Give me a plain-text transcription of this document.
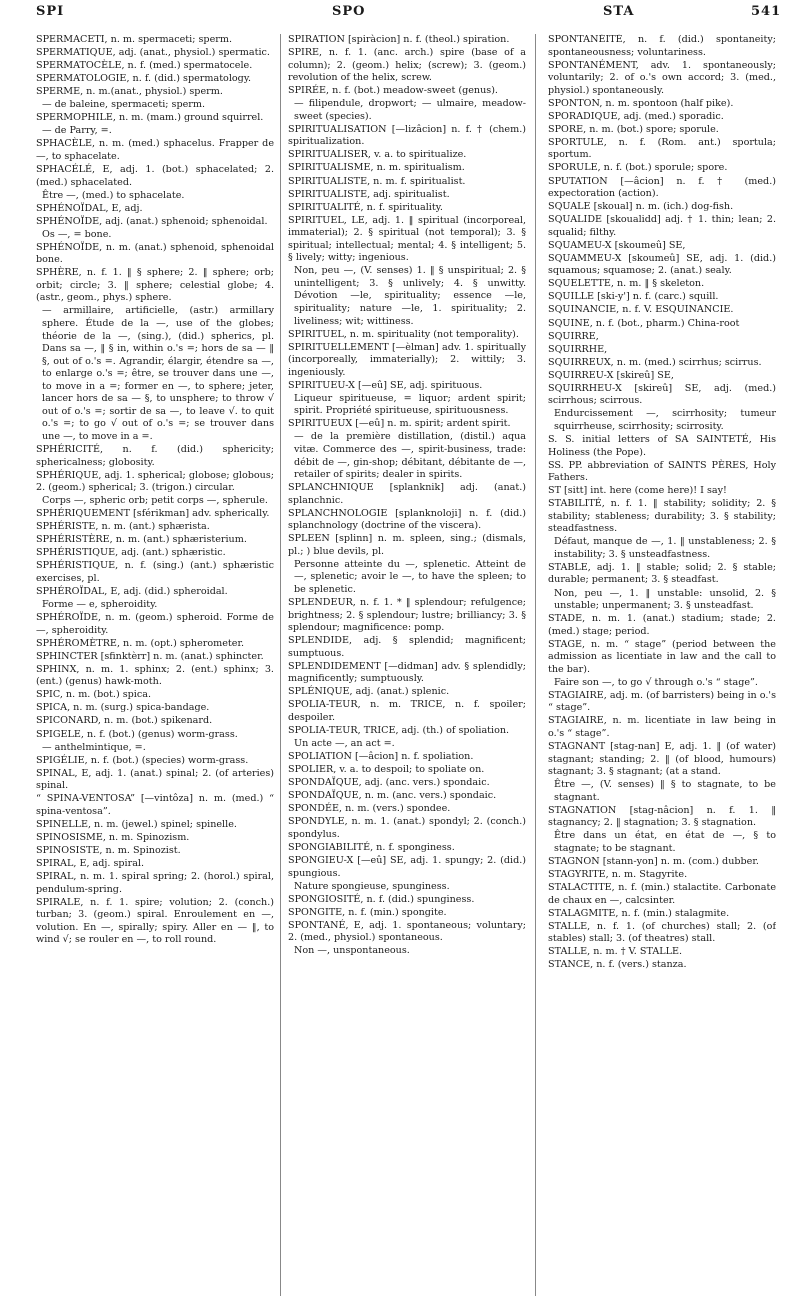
SPI	SPO	STA	541

SPERMACETI, n. m. spermaceti; sperm.

SPERMATIQUE, adj. (anat., physiol.) spermatic.

SPERMATOCÈLE, n. f. (med.) spermatocele.

SPERMATOLOGIE, n. f. (did.) spermatology.

SPERME, n. m.(anat., physiol.) sperm.

— de baleine, spermaceti; sperm.

SPERMOPHILE, n. m. (mam.) ground squirrel.

— de Parry, =.

SPHACÈLE, n. m. (med.) sphacelus. Frapper de —, to sphacelate.

SPHACÉLÉ, E, adj. 1. (bot.) sphacelated; 2. (med.) sphacelated.

Être —, (med.) to sphacelate.

SPHÉNOÏDAL, E, adj.

SPHÉNOÏDE, adj. (anat.) sphenoid; sphenoidal.

Os —, = bone.

SPHÉNOÏDE, n. m. (anat.) sphenoid, sphenoidal bone.

SPHÈRE, n. f. 1. ‖ § sphere; 2. ‖ sphere; orb; orbit; circle; 3. ‖ sphere; celestial globe; 4. (astr., geom., phys.) sphere.

— armillaire, artificielle, (astr.) armillary sphere. Étude de la —, use of the globes; théorie de la —, (sing.), (did.) spherics, pl. Dans sa —, ‖ § in, within o.'s =; hors de sa — ‖ §, out of o.'s =. Agrandir, élargir, étendre sa —, to enlarge o.'s =; être, se trouver dans une —, to move in a =; former en —, to sphere; jeter, lancer hors de sa — §, to unsphere; to throw √ out of o.'s =; sortir de sa —, to leave √. to quit o.'s =; to go √ out of o.'s =; se trouver dans une —, to move in a =.

SPHÉRICITÉ, n. f. (did.) sphericity; sphericalness; globosity.

SPHÉRIQUE, adj. 1. spherical; globose; globous; 2. (geom.) spherical; 3. (trigon.) circular.

Corps —, spheric orb; petit corps —, spherule.

SPHÉRIQUEMENT [sférikman] adv. spherically.

SPHÉRISTE, n. m. (ant.) sphæristа.

SPHÉRISTÈRE, n. m. (ant.) sphæristerium.

SPHÉRISTIQUE, adj. (ant.) sphæristic.

SPHÉRISTIQUE, n. f. (sing.) (ant.) sphæristic exercises, pl.

SPHÉROÏDAL, E, adj. (did.) spheroidal.

Forme — e, spheroidity.

SPHÉROÏDE, n. m. (geom.) spheroid. Forme de —, spheroidity.

SPHÉROMÈTRE, n. m. (opt.) spherometer.

SPHINCTER [sfinktèrr] n. m. (anat.) sphincter.

SPHINX, n. m. 1. sphinx; 2. (ent.) sphinx; 3. (ent.) (genus) hawk-moth.

SPIC, n. m. (bot.) spica.

SPICA, n. m. (surg.) spica-bandage.

SPICONARD, n. m. (bot.) spikenard.

SPIGELE, n. f. (bot.) (genus) worm-grass.

— anthelmintique, =.

SPIGÉLIE, n. f. (bot.) (species) worm-grass.

SPINAL, E, adj. 1. (anat.) spinal; 2. (of arteries) spinal.

“ SPINA-VENTOSA” [—vintôza] n. m. (med.) “ spina-ventosa”.

SPINELLE, n. m. (jewel.) spinel; spinelle.

SPINOSISME, n. m. Spinozism.

SPINOSISTE, n. m. Spinozist.

SPIRAL, E, adj. spiral.

SPIRAL, n. m. 1. spiral spring; 2. (horol.) spiral, pendulum-spring.

SPIRALE, n. f. 1. spire; volution; 2. (conch.) turban; 3. (geom.) spiral. Enroulement en —, volution. En —, spirally; spiry. Aller en — ‖, to wind √; se rouler en —, to roll round.

SPIRATION [spiràcion] n. f. (theol.) spiration.

SPIRE, n. f. 1. (anc. arch.) spire (base of a column); 2. (geom.) helix; (screw); 3. (geom.) revolution of the helix, screw.

SPIRÉE, n. f. (bot.) meadow-sweet (genus).

— filipendule, dropwort; — ulmaire, meadow-sweet (species).

SPIRITUALISATION [—lizâcion] n. f. † (chem.) spiritualization.

SPIRITUALISER, v. a. to spiritualize.

SPIRITUALISME, n. m. spiritualism.

SPIRITUALISTE, n. m. f. spiritualist.

SPIRITUALISTE, adj. spiritualist.

SPIRITUALITÉ, n. f. spirituality.

SPIRITUEL, LE, adj. 1. ‖ spiritual (incorporeal, immaterial); 2. § spiritual (not temporal); 3. § spiritual; intellectual; mental; 4. § intelligent; 5. § lively; witty; ingenious.

Non, peu —, (V. senses) 1. ‖ § unspiritual; 2. § unintelligent; 3. § unlively; 4. § unwitty. Dévotion —le, spirituality; essence —le, spirituality; nature —le, 1. spirituality; 2. liveliness; wit; wittiness.

SPIRITUEL, n. m. spirituality (not temporality).

SPIRITUELLEMENT [—èlman] adv. 1. spiritually (incorporeally, immaterially); 2. wittily; 3. ingeniously.

SPIRITUEU-X [—eû] SE, adj. spirituous.

Liqueur spiritueuse, = liquor; ardent spirit; spirit. Propriété spiritueuse, spirituousness.

SPIRITUEUX [—eû] n. m. spirit; ardent spirit.

— de la première distillation, (distil.) aqua vitæ. Commerce des —, spirit-business, trade: débit de —, gin-shop; débitant, débitante de —, retailer of spirits; dealer in spirits.

SPLANCHNIQUE [splanknik] adj. (anat.) splanchnic.

SPLANCHNOLOGIE [splanknoloji] n. f. (did.) splanchnology (doctrine of the viscera).

SPLEEN [splinn] n. m. spleen, sing.; (dismals, pl.; ) blue devils, pl.

Personne atteinte du —, splenetic. Atteint de —, splenetic; avoir le —, to have the spleen; to be splenetic.

SPLENDEUR, n. f. 1. * ‖ splendour; refulgence; brightness; 2. § splendour; lustre; brilliancy; 3. § splendour; magnificence: pomp.

SPLENDIDE, adj. § splendid; magnificent; sumptuous.

SPLENDIDEMENT [—didman] adv. § splendidly; magnificently; sumptuously.

SPLÉNIQUE, adj. (anat.) splenic.

SPOLIA-TEUR, n. m. TRICE, n. f. spoiler; despoiler.

SPOLIA-TEUR, TRICE, adj. (th.) of spoliation.

Un acte —, an act =.

SPOLIATION [—âcion] n. f. spoliation.

SPOLIER, v. a. to despoil; to spoliate on.

SPONDAÏQUE, adj. (anc. vers.) spondaic.

SPONDAÏQUE, n. m. (anc. vers.) spondaic.

SPONDÉE, n. m. (vers.) spondee.

SPONDYLE, n. m. 1. (anat.) spondyl; 2. (conch.) spondylus.

SPONGIABILITÉ, n. f. sponginess.

SPONGIEU-X [—eû] SE, adj. 1. spungy; 2. (did.) spungious.

Nature spongieuse, spunginess.

SPONGIOSITÉ, n. f. (did.) spunginess.

SPONGITE, n. f. (min.) spongite.

SPONTANÉ, E, adj. 1. spontaneous; voluntary; 2. (med., physiol.) spontaneous.

Non —, unspontaneous.

SPONTANÉITÉ, n. f. (did.) spontaneity; spontaneousness; voluntariness.

SPONTANÉMENT, adv. 1. spontaneously; voluntarily; 2. of o.'s own accord; 3. (med., physiol.) spontaneously.

SPONTON, n. m. spontoon (half pike).

SPORADIQUE, adj. (med.) sporadic.

SPORE, n. m. (bot.) spore; sporule.

SPORTULE, n. f. (Rom. ant.) sportula; sportum.

SPORULE, n. f. (bot.) sporule; spore.

SPUTATION [—âcion] n. f. † (med.) expectoration (action).

SQUALE [skoual] n. m. (ich.) dog-fish.

SQUALIDE [skoualidd] adj. † 1. thin; lean; 2. squalid; filthy.

SQUAMEU-X [skoumeû] SE,

SQUAMMEU-X [skoumeû] SE, adj. 1. (did.) squamous; squamose; 2. (anat.) sealy.

SQUELETTE, n. m. ‖ § skeleton.

SQUILLE [ski-y'] n. f. (carc.) squill.

SQUINANCIE, n. f. V. ESQUINANCIE.

SQUINE, n. f. (bot., pharm.) China-root

SQUIRRE,

SQUIRRHE,

SQUIRREUX, n. m. (med.) scirrhus; scirrus.

SQUIRREU-X [skireû] SE,

SQUIRRHEU-X [skireû] SE, adj. (med.) scirrhous; scirrous.

Endurcissement —, scirrhosity; tumeur squirrheuse, scirrhosity; scirrosity.

S. S. initial letters of SA SAINTETÉ, His Holiness (the Pope).

SS. PP. abbreviation of SAINTS PÈRES, Holy Fathers.

ST [sitt] int. here (come here)! I say!

STABILITÉ, n. f. 1. ‖ stability; solidity; 2. § stability; stableness; durability; 3. § stability; steadfastness.

Défaut, manque de —, 1. ‖ unstableness; 2. § instability; 3. § unsteadfastness.

STABLE, adj. 1. ‖ stable; solid; 2. § stable; durable; permanent; 3. § steadfast.

Non, peu —, 1. ‖ unstable: unsolid, 2. § unstable; unpermanent; 3. § unsteadfast.

STADE, n. m. 1. (anat.) stadium; stade; 2. (med.) stage; period.

STAGE, n. m. “ stage” (period between the admission as licentiate in law and the call to the bar).

Faire son —, to go √ through o.'s “ stage”.

STAGIAIRE, adj. m. (of barristers) being in o.'s “ stage”.

STAGIAIRE, n. m. licentiate in law being in o.'s “ stage”.

STAGNANT [stag-nan] E, adj. 1. ‖ (of water) stagnant; standing; 2. ‖ (of blood, humours) stagnant; 3. § stagnant; (at a stand.

Être —, (V. senses) ‖ § to stagnate, to be stagnant.

STAGNATION [stag-nâcion] n. f. 1. ‖ stagnancy; 2. ‖ stagnation; 3. § stagnation.

Être dans un état, en état de —, § to stagnate; to be stagnant.

STAGNON [stann-yon] n. m. (com.) dubber.

STAGYRITE, n. m. Stagyrite.

STALACTITE, n. f. (min.) stalactite. Carbonate de chaux en —, calcsinter.

STALAGMITE, n. f. (min.) stalagmite.

STALLE, n. f. 1. (of churches) stall; 2. (of stables) stall; 3. (of theatres) stall.

STALLE, n. m. † V. STALLE.

STANCE, n. f. (vers.) stanza.
